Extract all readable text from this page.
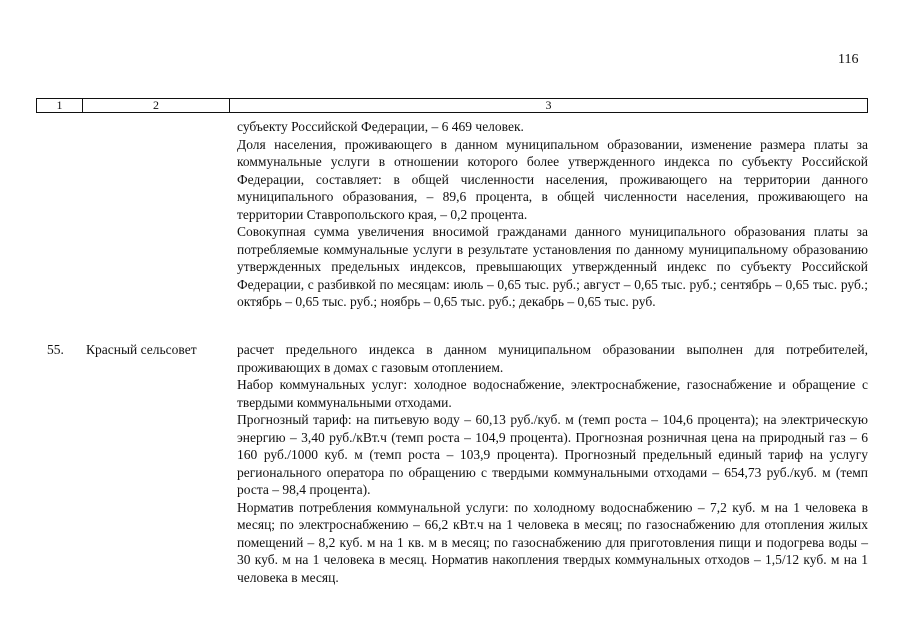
116
1	2	3

субъекту Российской Федерации, – 6 469 человек.

Доля населения, проживающего в данном муниципальном образовании, изменение размера платы за коммунальные услуги в отношении которого более утвержденного индекса по субъекту Российской Федерации, составляет: в общей численности населения, проживающего на территории данного муниципального образования, – 89,6 процента, в общей численности населения, проживающего на территории Ставропольского края, – 0,2 процента.

Совокупная сумма увеличения вносимой гражданами данного муниципального образования платы за потребляемые коммунальные услуги в результате установления по данному муниципальному образованию утвержденных предельных индексов, превышающих утвержденный индекс по субъекту Российской Федерации, с разбивкой по месяцам: июль – 0,65 тыс. руб.; август – 0,65 тыс. руб.; сентябрь – 0,65 тыс. руб.; октябрь – 0,65 тыс. руб.; ноябрь – 0,65 тыс. руб.; декабрь – 0,65 тыс. руб.

55. Красный сельсовет	расчет предельного индекса в данном муниципальном образовании выполнен для потребителей, проживающих в домах с газовым отоплением.

Набор коммунальных услуг: холодное водоснабжение, электроснабжение, газоснабжение и обращение с твердыми коммунальными отходами.

Прогнозный тариф: на питьевую воду – 60,13 руб./куб. м (темп роста – 104,6 процента); на электрическую энергию – 3,40 руб./кВт.ч (темп роста – 104,9 процента). Прогнозная розничная цена на природный газ – 6 160 руб./1000 куб. м (темп роста – 103,9 процента). Прогнозный предельный единый тариф на услугу регионального оператора по обращению с твердыми коммунальными отходами – 654,73 руб./куб. м (темп роста – 98,4 процента).

Норматив потребления коммунальной услуги: по холодному водоснабжению – 7,2 куб. м на 1 человека в месяц; по электроснабжению – 66,2 кВт.ч на 1 человека в месяц; по газоснабжению для отопления жилых помещений – 8,2 куб. м на 1 кв. м в месяц; по газоснабжению для приготовления пищи и подогрева воды – 30 куб. м на 1 человека в месяц. Норматив накопления твердых коммунальных отходов – 1,5/12 куб. м на 1 человека в месяц.
